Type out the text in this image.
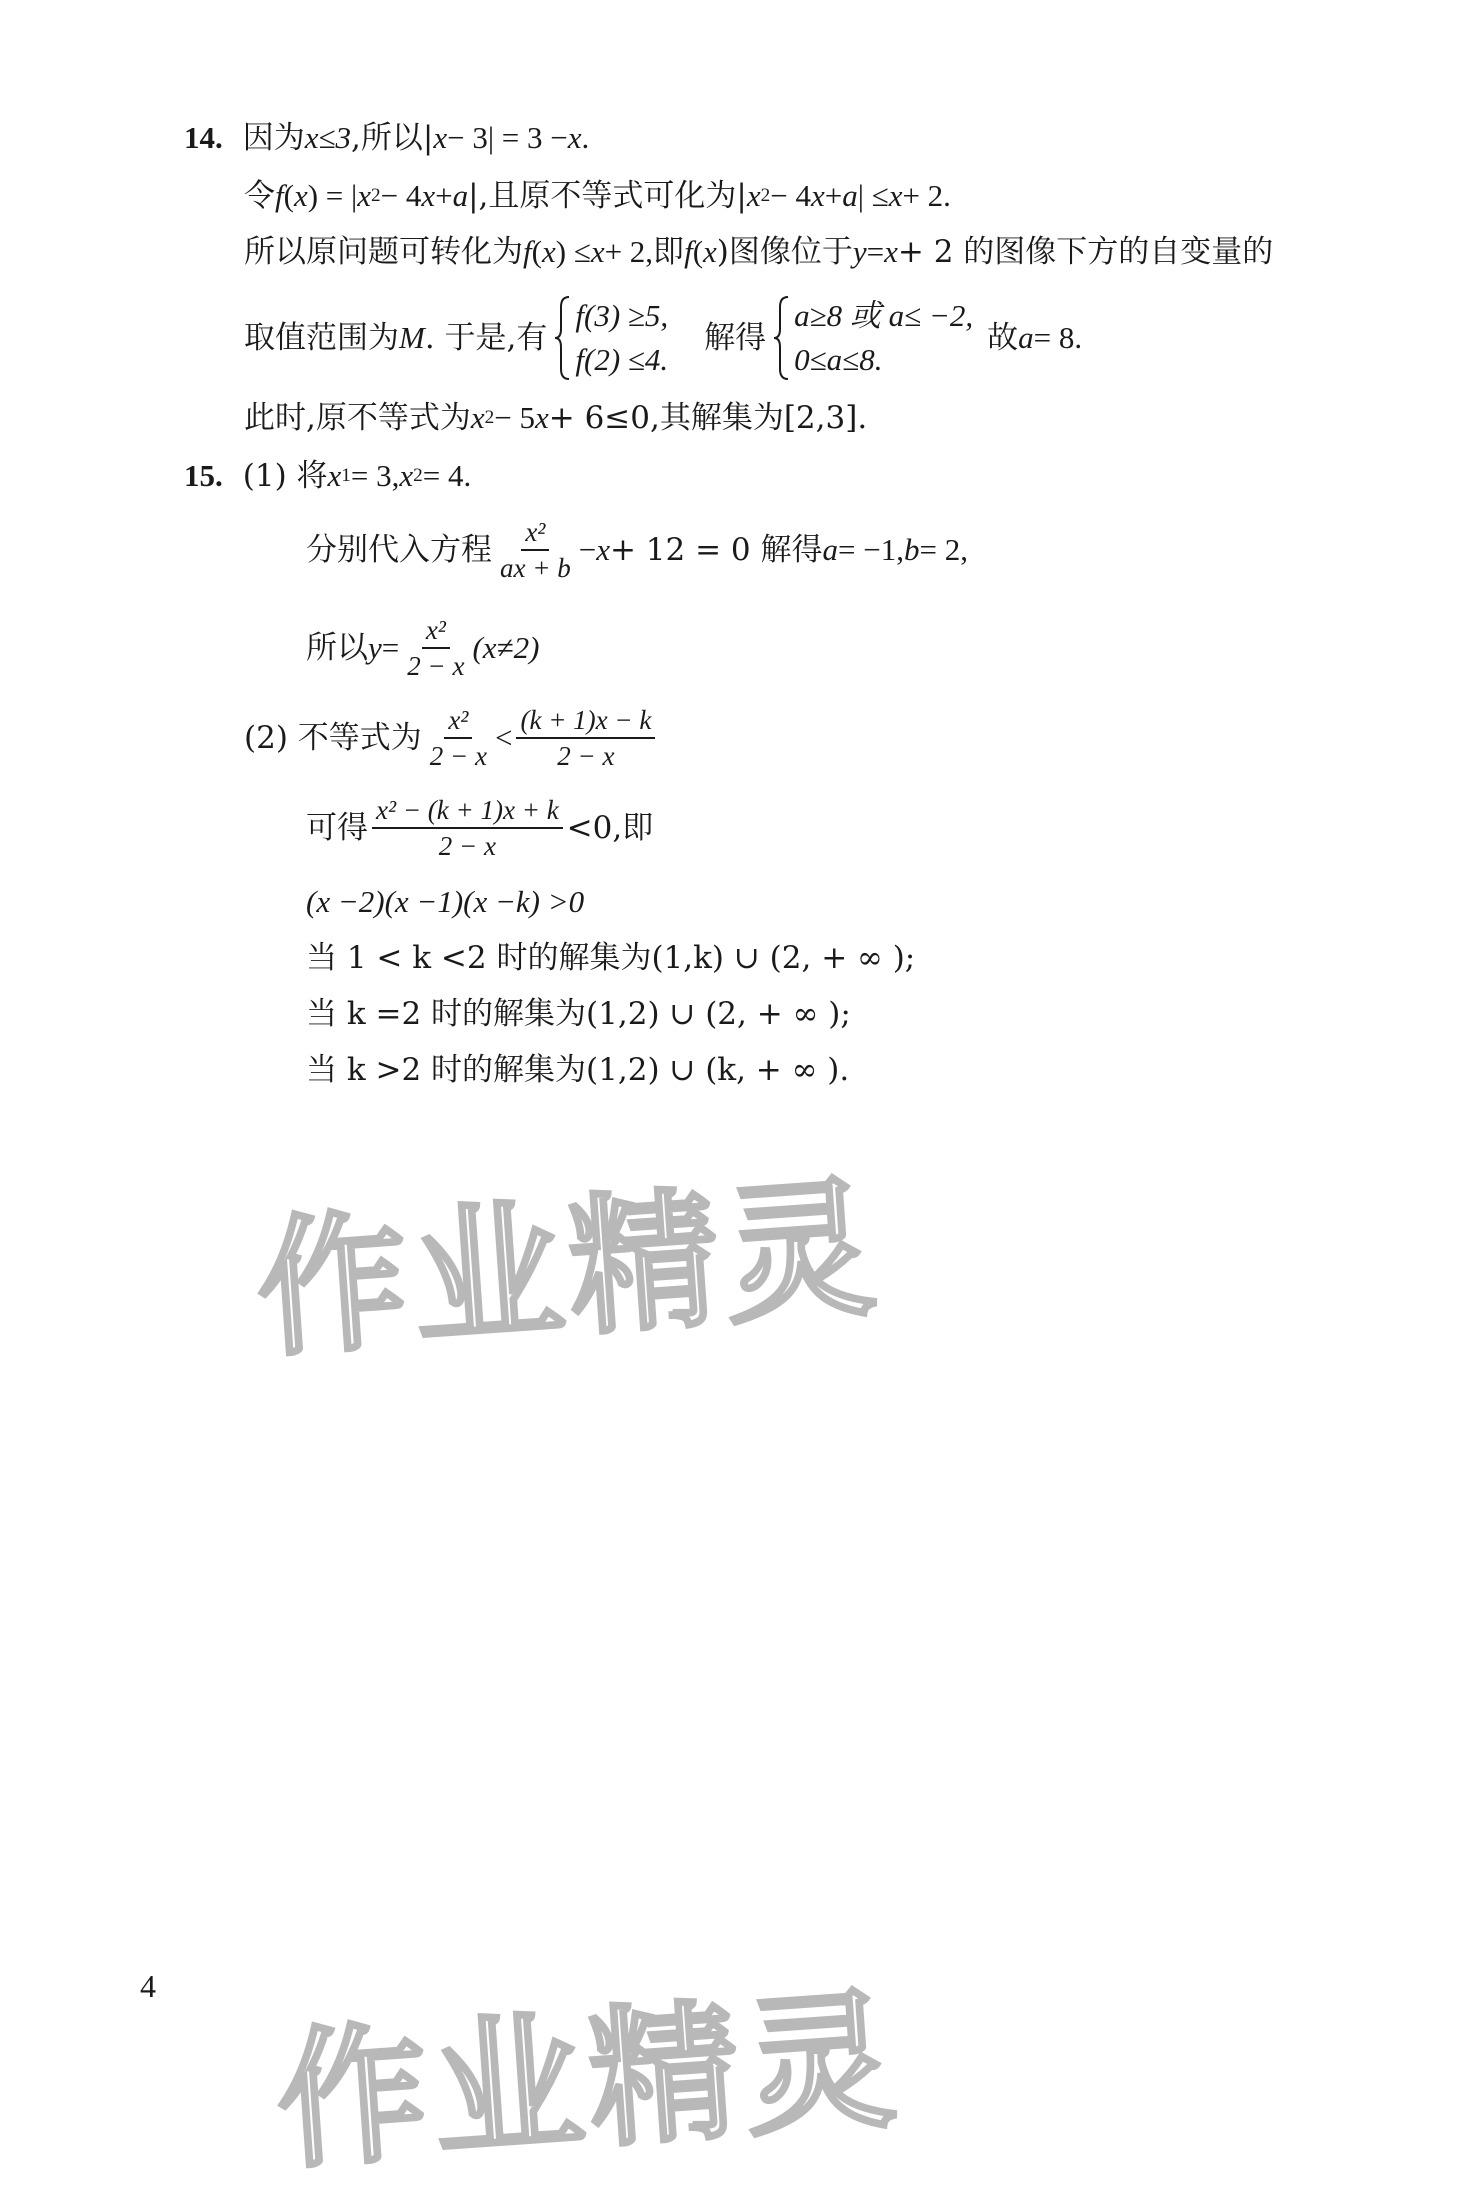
14. 因为 x≤3 ,所以| x − 3| = 3 − x .
令 f ( x ) = | x 2 − 4 x + a |,且原不等式可化为| x 2 − 4 x + a | ≤ x + 2.
所以原问题可转化为 f ( x ) ≤ x + 2,即 f ( x )图像位于 y = x + 2 的图像下方的自变量的
取值范围为 M . 于是,有
f(3) ≥5,
f(2) ≤4.
解得
a≥8 或 a≤ −2,
0≤a≤8.
故 a = 8.
此时,原不等式为 x 2 − 5 x + 6≤0,其解集为[2,3].
15. (1) 将 x 1 = 3, x 2 = 4.
分别代入方程 $\frac{\text{x²}}{ax + b} - x + 12 = 0$ 解得 a = −1, b = 2,
所以 $y = \frac{\text{x²}}{2 - x} (x\ne 2)$
(2) 不等式为 $\frac{\text{x²}}{2 - x} < \frac{(k + 1)x - k}{2 - x}$
可得 $\frac{\text{x² − (k + 1)x + k}}{2 - x} <0$,即
(x −2)(x −1)(x −k) >0
当 1 < k <2 时的解集为(1,k) ∪ (2, + ∞ );
当 k =2 时的解集为(1,2) ∪ (2, + ∞ );
当 k >2 时的解集为(1,2) ∪ (k, + ∞ ).
作业精灵
作业精灵
4
